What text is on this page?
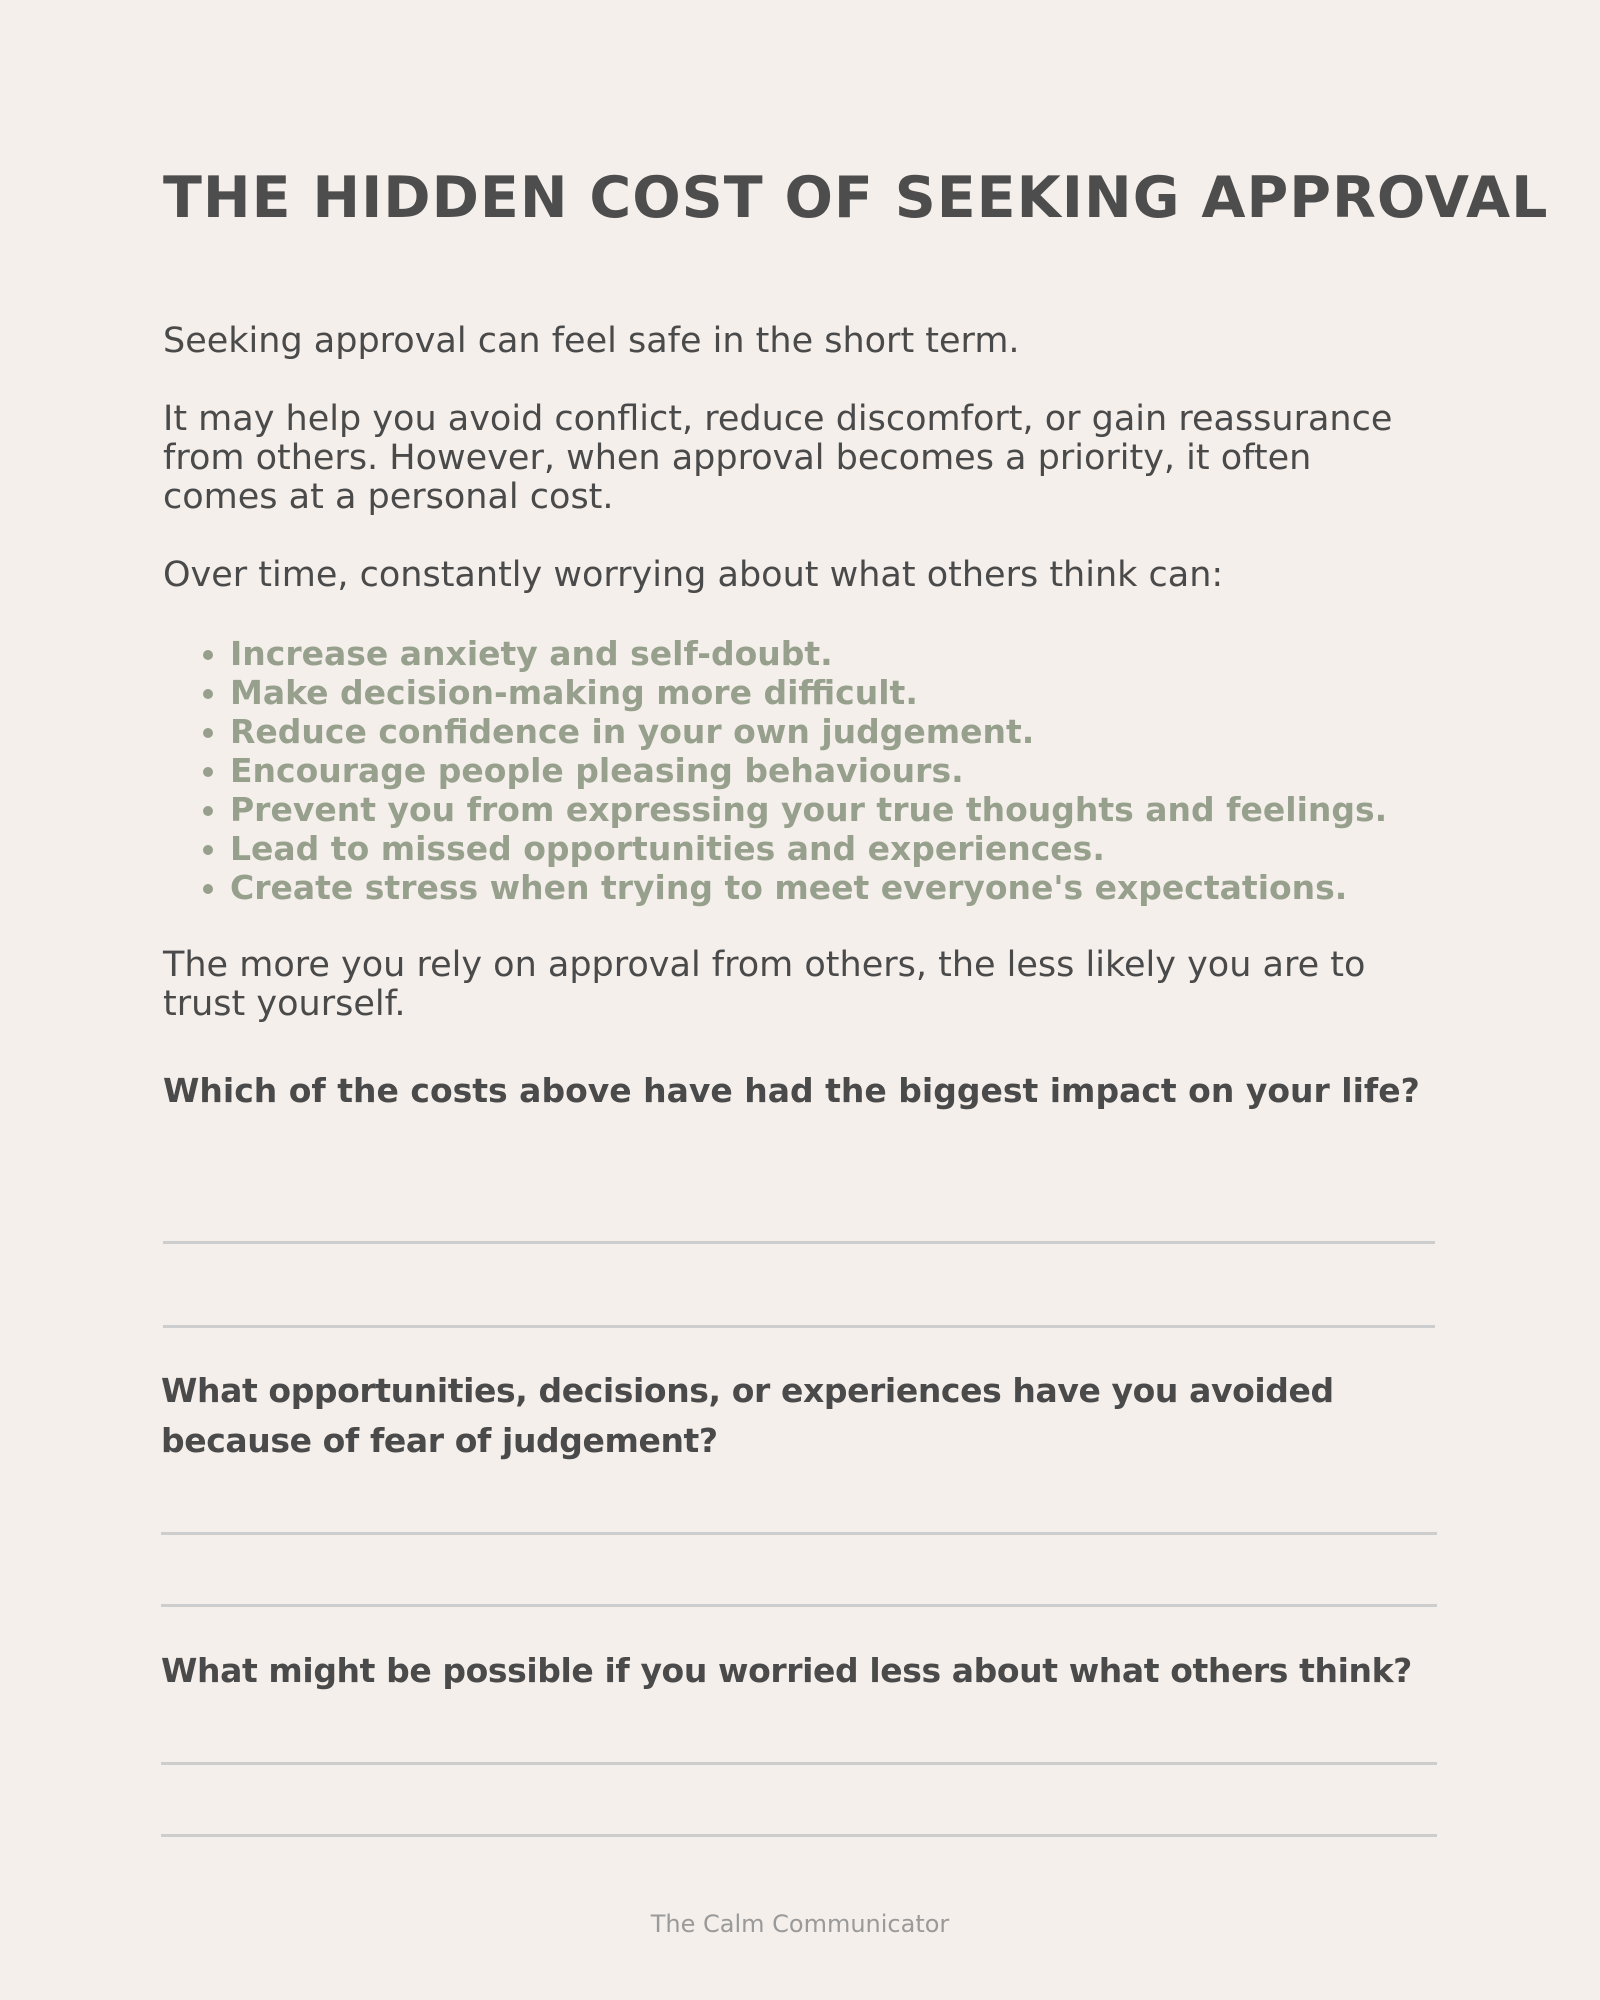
THE HIDDEN COST OF SEEKING APPROVAL

Seeking approval can feel safe in the short term.

It may help you avoid conflict, reduce discomfort, or gain reassurance from others. However, when approval becomes a priority, it often comes at a personal cost.

Over time, constantly worrying about what others think can:

• Increase anxiety and self-doubt.
• Make decision-making more difficult.
• Reduce confidence in your own judgement.
• Encourage people pleasing behaviours.
• Prevent you from expressing your true thoughts and feelings.
• Lead to missed opportunities and experiences.
• Create stress when trying to meet everyone's expectations.

The more you rely on approval from others, the less likely you are to trust yourself.

Which of the costs above have had the biggest impact on your life?

What opportunities, decisions, or experiences have you avoided because of fear of judgement?

What might be possible if you worried less about what others think?

The Calm Communicator
